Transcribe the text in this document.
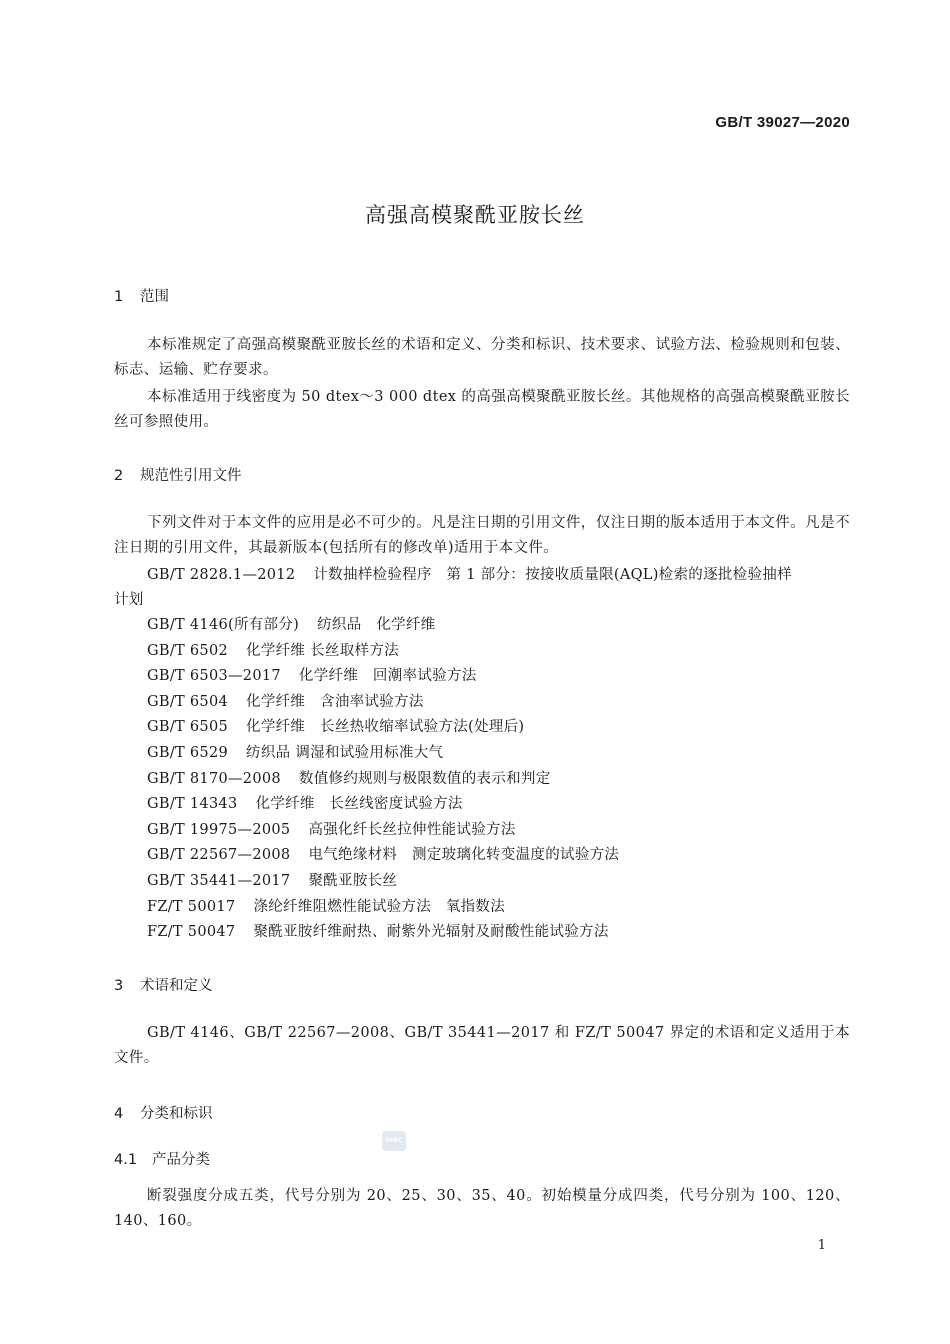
GB/T 39027—2020
高强高模聚酰亚胺长丝
1 范围
本标准规定了高强高模聚酰亚胺长丝的术语和定义、分类和标识、技术要求、试验方法、检验规则和包装、标志、运输、贮存要求。
本标准适用于线密度为 50 dtex～3 000 dtex 的高强高模聚酰亚胺长丝。其他规格的高强高模聚酰亚胺长丝可参照使用。
2 规范性引用文件
下列文件对于本文件的应用是必不可少的。凡是注日期的引用文件，仅注日期的版本适用于本文件。凡是不注日期的引用文件，其最新版本(包括所有的修改单)适用于本文件。
GB/T 2828.1—2012 计数抽样检验程序　第 1 部分：按接收质量限(AQL)检索的逐批检验抽样
计划
GB/T 4146(所有部分) 纺织品　化学纤维
GB/T 6502 化学纤维 长丝取样方法
GB/T 6503—2017 化学纤维　回潮率试验方法
GB/T 6504 化学纤维　含油率试验方法
GB/T 6505 化学纤维　长丝热收缩率试验方法(处理后)
GB/T 6529 纺织品 调湿和试验用标准大气
GB/T 8170—2008 数值修约规则与极限数值的表示和判定
GB/T 14343 化学纤维　长丝线密度试验方法
GB/T 19975—2005 高强化纤长丝拉伸性能试验方法
GB/T 22567—2008 电气绝缘材料　测定玻璃化转变温度的试验方法
GB/T 35441—2017 聚酰亚胺长丝
FZ/T 50017 涤纶纤维阻燃性能试验方法　氧指数法
FZ/T 50047 聚酰亚胺纤维耐热、耐紫外光辐射及耐酸性能试验方法
3 术语和定义
GB/T 4146、GB/T 22567—2008、GB/T 35441—2017 和 FZ/T 50047 界定的术语和定义适用于本文件。
4 分类和标识
SPAC
4.1 产品分类
断裂强度分成五类，代号分别为 20、25、30、35、40。初始模量分成四类，代号分别为 100、120、140、160。
1
